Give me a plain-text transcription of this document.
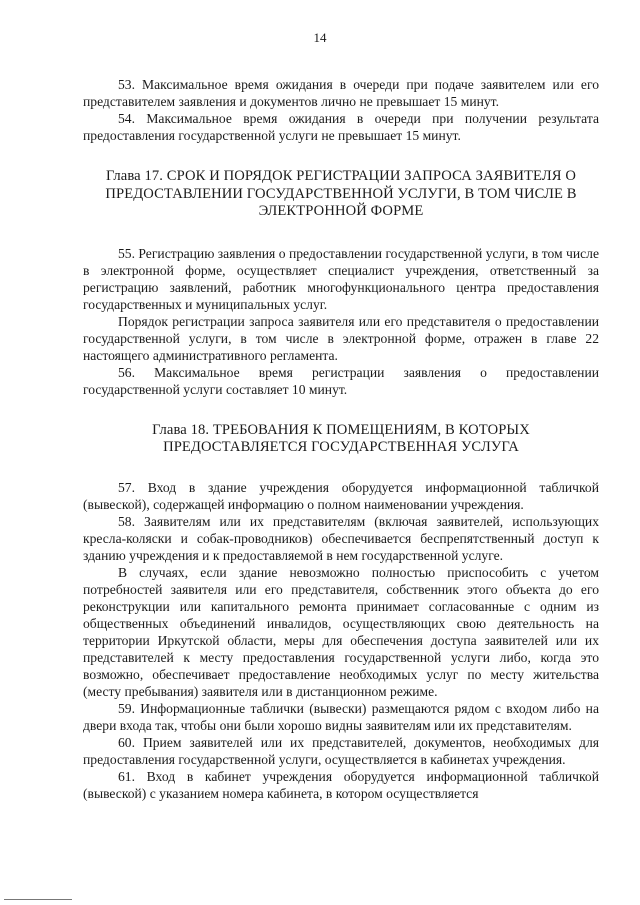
14

53. Максимальное время ожидания в очереди при подаче заявителем или его представителем заявления и документов лично не превышает 15 минут.

54. Максимальное время ожидания в очереди при получении результата предоставления государственной услуги не превышает 15 минут.

Глава 17. СРОК И ПОРЯДОК РЕГИСТРАЦИИ ЗАПРОСА ЗАЯВИТЕЛЯ О
ПРЕДОСТАВЛЕНИИ ГОСУДАРСТВЕННОЙ УСЛУГИ, В ТОМ ЧИСЛЕ В
ЭЛЕКТРОННОЙ ФОРМЕ

55. Регистрацию заявления о предоставлении государственной услуги, в том числе в электронной форме, осуществляет специалист учреждения, ответственный за регистрацию заявлений, работник многофункционального центра предоставления государственных и муниципальных услуг.

Порядок регистрации запроса заявителя или его представителя о предоставлении государственной услуги, в том числе в электронной форме, отражен в главе 22 настоящего административного регламента.

56. Максимальное время регистрации заявления о предоставлении государственной услуги составляет 10 минут.

Глава 18. ТРЕБОВАНИЯ К ПОМЕЩЕНИЯМ, В КОТОРЫХ
ПРЕДОСТАВЛЯЕТСЯ ГОСУДАРСТВЕННАЯ УСЛУГА

57. Вход в здание учреждения оборудуется информационной табличкой (вывеской), содержащей информацию о полном наименовании учреждения.

58. Заявителям или их представителям (включая заявителей, использующих кресла-коляски и собак-проводников) обеспечивается беспрепятственный доступ к зданию учреждения и к предоставляемой в нем государственной услуге.

В случаях, если здание невозможно полностью приспособить с учетом потребностей заявителя или его представителя, собственник этого объекта до его реконструкции или капитального ремонта принимает согласованные с одним из общественных объединений инвалидов, осуществляющих свою деятельность на территории Иркутской области, меры для обеспечения доступа заявителей или их представителей к месту предоставления государственной услуги либо, когда это возможно, обеспечивает предоставление необходимых услуг по месту жительства (месту пребывания) заявителя или в дистанционном режиме.

59. Информационные таблички (вывески) размещаются рядом с входом либо на двери входа так, чтобы они были хорошо видны заявителям или их представителям.

60. Прием заявителей или их представителей, документов, необходимых для предоставления государственной услуги, осуществляется в кабинетах учреждения.

61. Вход в кабинет учреждения оборудуется информационной табличкой (вывеской) с указанием номера кабинета, в котором осуществляется
